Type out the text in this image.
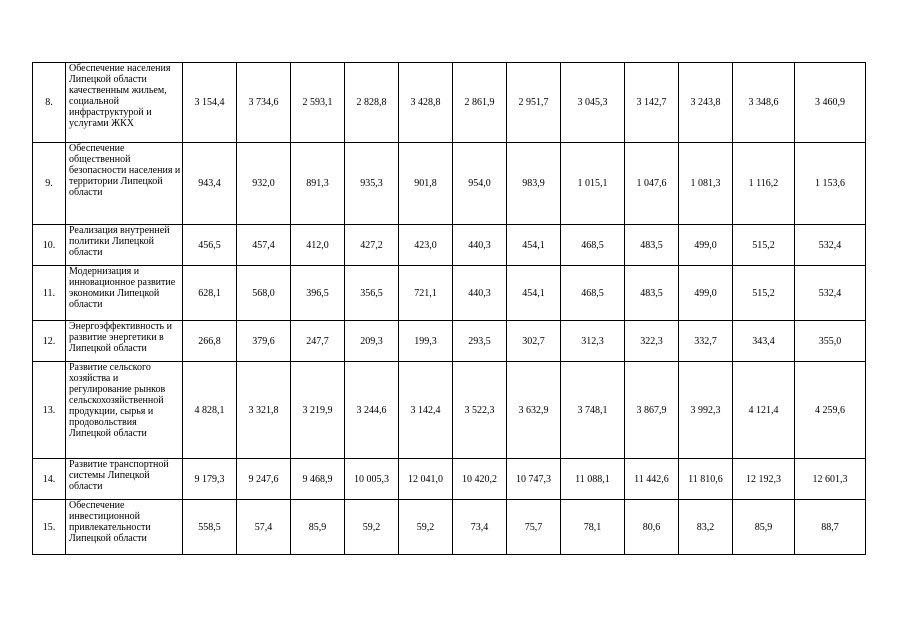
8.	Обеспечение населения Липецкой области качественным жильем, социальной инфраструктурой и услугами ЖКХ	3 154,4	3 734,6	2 593,1	2 828,8	3 428,8	2 861,9	2 951,7	3 045,3	3 142,7	3 243,8	3 348,6	3 460,9
9.	Обеспечение общественной безопасности населения и территории Липецкой области	943,4	932,0	891,3	935,3	901,8	954,0	983,9	1 015,1	1 047,6	1 081,3	1 116,2	1 153,6
10.	Реализация внутренней политики Липецкой области	456,5	457,4	412,0	427,2	423,0	440,3	454,1	468,5	483,5	499,0	515,2	532,4
11.	Модернизация и инновационное развитие экономики Липецкой области	628,1	568,0	396,5	356,5	721,1	440,3	454,1	468,5	483,5	499,0	515,2	532,4
12.	Энергоэффективность и развитие энергетики в Липецкой области	266,8	379,6	247,7	209,3	199,3	293,5	302,7	312,3	322,3	332,7	343,4	355,0
13.	Развитие сельского хозяйства и регулирование рынков сельскохозяйственной продукции, сырья и продовольствия Липецкой области	4 828,1	3 321,8	3 219,9	3 244,6	3 142,4	3 522,3	3 632,9	3 748,1	3 867,9	3 992,3	4 121,4	4 259,6
14.	Развитие транспортной системы Липецкой области	9 179,3	9 247,6	9 468,9	10 005,3	12 041,0	10 420,2	10 747,3	11 088,1	11 442,6	11 810,6	12 192,3	12 601,3
15.	Обеспечение инвестиционной привлекательности Липецкой области	558,5	57,4	85,9	59,2	59,2	73,4	75,7	78,1	80,6	83,2	85,9	88,7
